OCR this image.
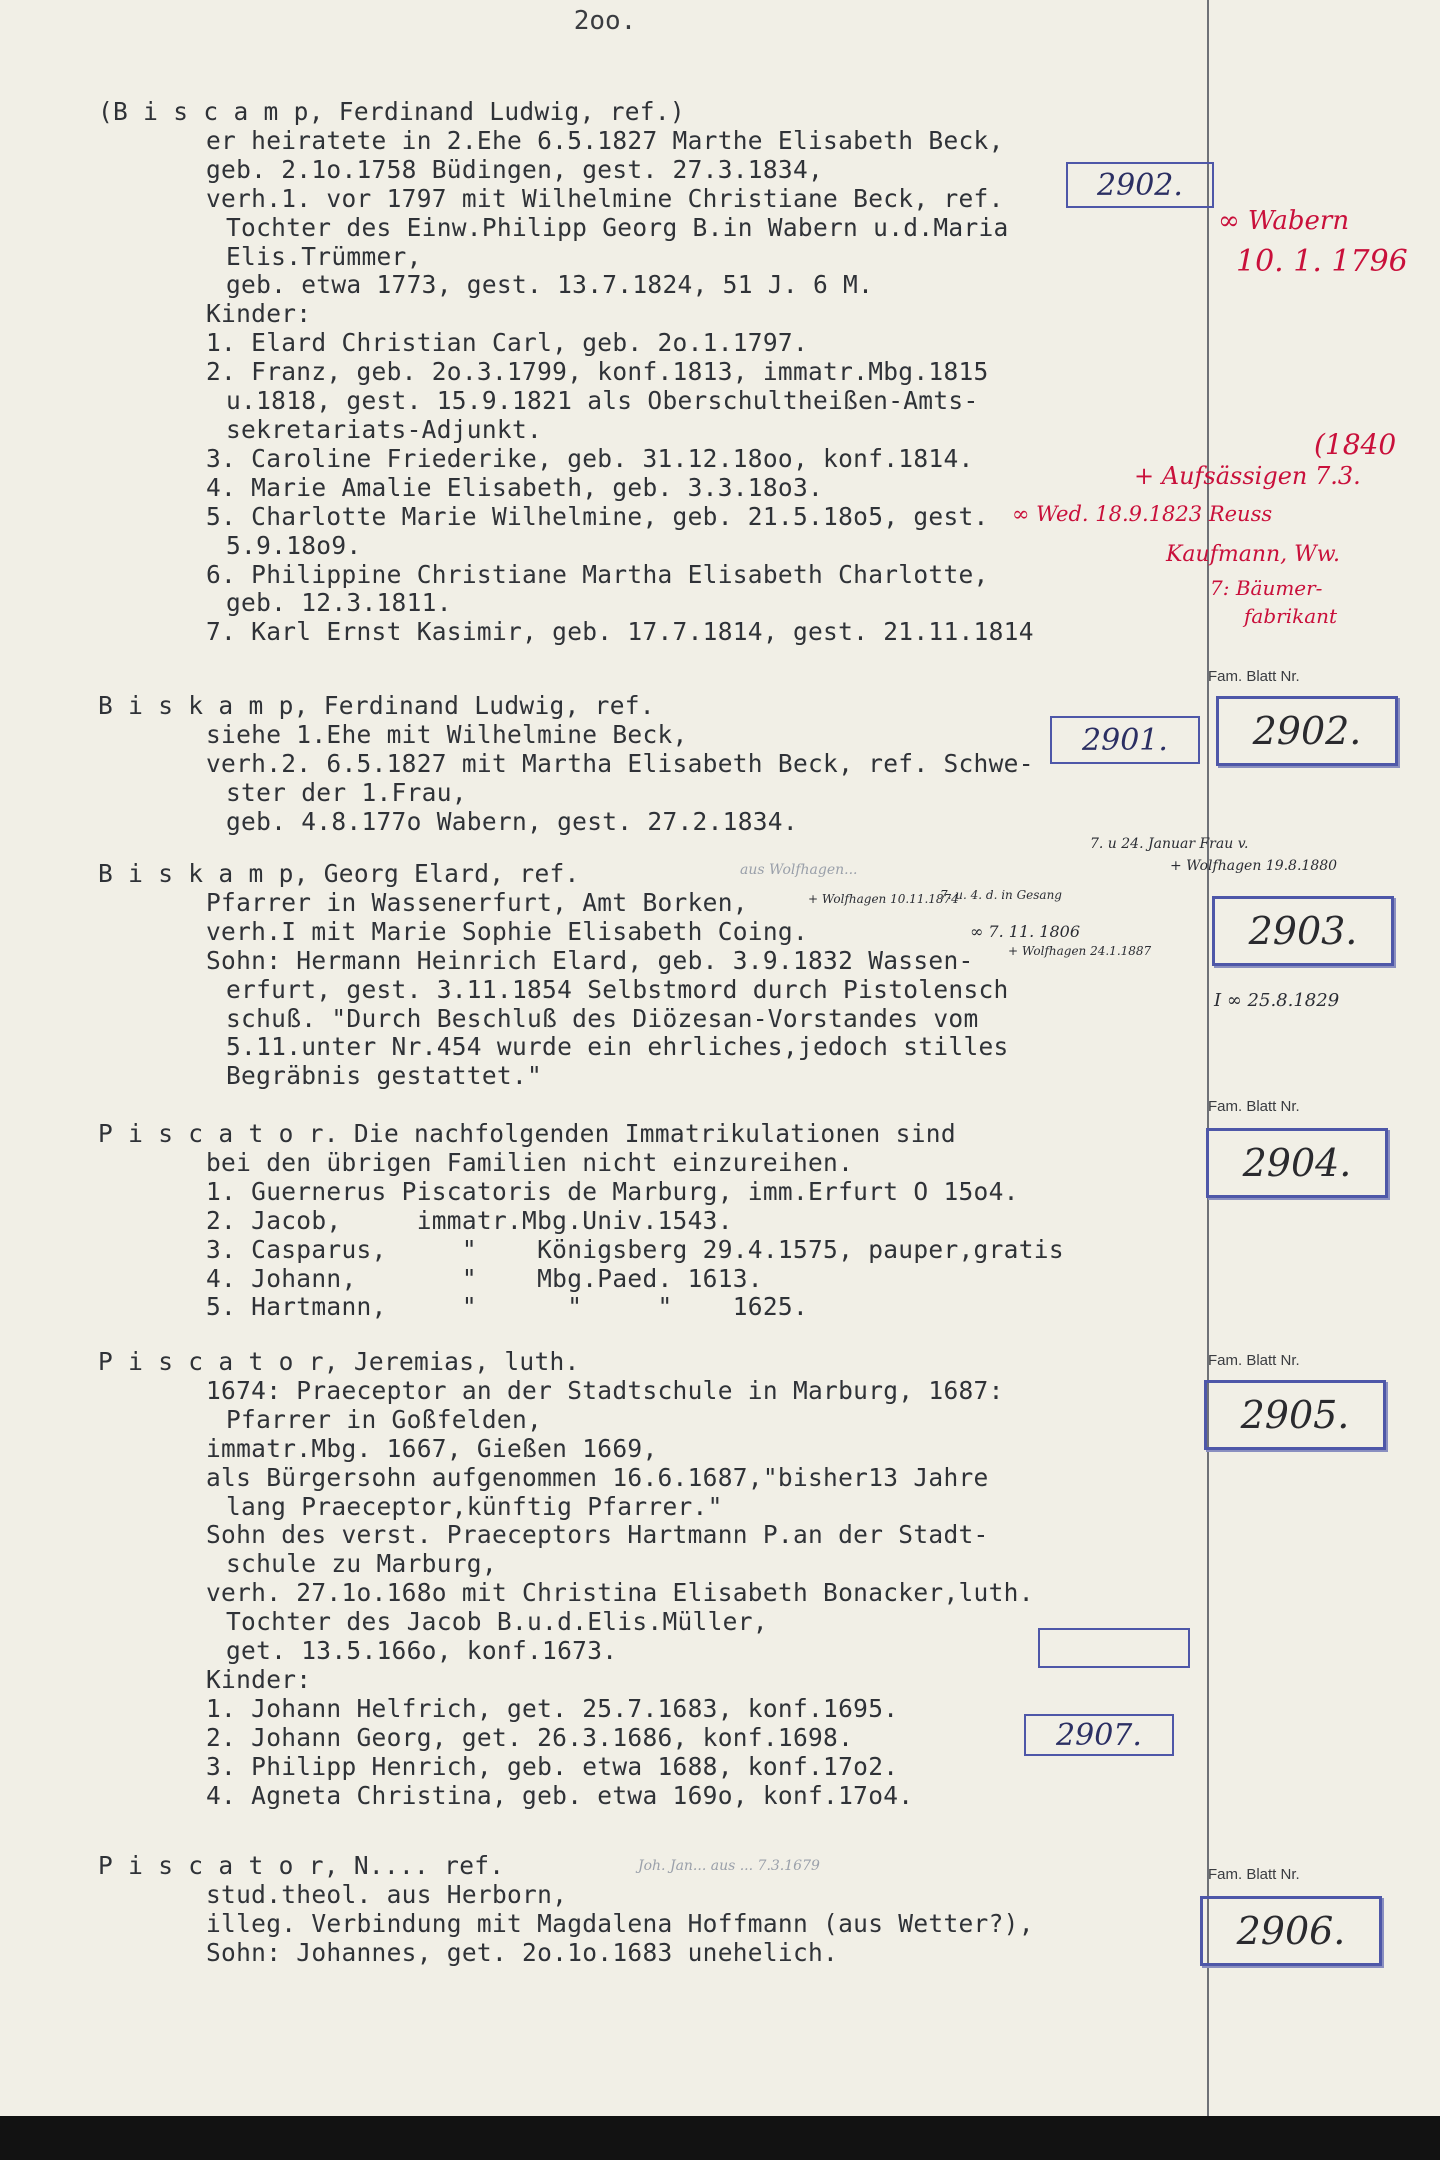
2oo.
(B i s c a m p, Ferdinand Ludwig, ref.)
er heiratete in 2.Ehe 6.5.1827 Marthe Elisabeth Beck,
geb. 2.1o.1758 Büdingen, gest. 27.3.1834,
verh.1. vor 1797 mit Wilhelmine Christiane Beck, ref.
Tochter des Einw.Philipp Georg B.in Wabern u.d.Maria
Elis.Trümmer,
geb. etwa 1773, gest. 13.7.1824, 51 J. 6 M.
Kinder:
1. Elard Christian Carl, geb. 2o.1.1797.
2. Franz, geb. 2o.3.1799, konf.1813, immatr.Mbg.1815
u.1818, gest. 15.9.1821 als Oberschultheißen-Amts-
sekretariats-Adjunkt.
3. Caroline Friederike, geb. 31.12.18oo, konf.1814.
4. Marie Amalie Elisabeth, geb. 3.3.18o3.
5. Charlotte Marie Wilhelmine, geb. 21.5.18o5, gest.
5.9.18o9.
6. Philippine Christiane Martha Elisabeth Charlotte,
geb. 12.3.1811.
7. Karl Ernst Kasimir, geb. 17.7.1814, gest. 21.11.1814
2902.
B i s k a m p, Ferdinand Ludwig, ref.
siehe 1.Ehe mit Wilhelmine Beck,
verh.2. 6.5.1827 mit Martha Elisabeth Beck, ref. Schwe-
ster der 1.Frau,
geb. 4.8.177o Wabern, gest. 27.2.1834.
2901.
B i s k a m p, Georg Elard, ref.
Pfarrer in Wassenerfurt, Amt Borken,
verh.I mit Marie Sophie Elisabeth Coing.
Sohn: Hermann Heinrich Elard, geb. 3.9.1832 Wassen-
erfurt, gest. 3.11.1854 Selbstmord durch Pistolensch
schuß. "Durch Beschluß des Diözesan-Vorstandes vom
5.11.unter Nr.454 wurde ein ehrliches,jedoch stilles
Begräbnis gestattet."
P i s c a t o r. Die nachfolgenden Immatrikulationen sind
bei den übrigen Familien nicht einzureihen.
1. Guernerus Piscatoris de Marburg, imm.Erfurt O 15o4.
2. Jacob,     immatr.Mbg.Univ.1543.
3. Casparus,     "    Königsberg 29.4.1575, pauper,gratis
4. Johann,       "    Mbg.Paed. 1613.
5. Hartmann,     "      "     "    1625.
P i s c a t o r, Jeremias, luth.
1674: Praeceptor an der Stadtschule in Marburg, 1687:
Pfarrer in Goßfelden,
immatr.Mbg. 1667, Gießen 1669,
als Bürgersohn aufgenommen 16.6.1687,"bisher13 Jahre
lang Praeceptor,künftig Pfarrer."
Sohn des verst. Praeceptors Hartmann P.an der Stadt-
schule zu Marburg,
verh. 27.1o.168o mit Christina Elisabeth Bonacker,luth.
Tochter des Jacob B.u.d.Elis.Müller,
get. 13.5.166o, konf.1673.
Kinder:
1. Johann Helfrich, get. 25.7.1683, konf.1695.
2. Johann Georg, get. 26.3.1686, konf.1698.
3. Philipp Henrich, geb. etwa 1688, konf.17o2.
4. Agneta Christina, geb. etwa 169o, konf.17o4.
2907.
P i s c a t o r, N.... ref.
stud.theol. aus Herborn,
illeg. Verbindung mit Magdalena Hoffmann (aus Wetter?),
Sohn: Johannes, get. 2o.1o.1683 unehelich.
Fam. Blatt Nr.
2902.
2903.
Fam. Blatt Nr.
2904.
Fam. Blatt Nr.
2905.
Fam. Blatt Nr.
2906.
∞ Wabern
10. 1. 1796
(1840
+ Aufsässigen 7.3.
∞ Wed. 18.9.1823 Reuss
Kaufmann, Ww.
7: Bäumer-
fabrikant
7. u 24. Januar Frau v.
+ Wolfhagen 19.8.1880
+ Wolfhagen 10.11.1874
∞ 7. 11. 1806
7. u. 4. d. in Gesang
+ Wolfhagen 24.1.1887
I ∞ 25.8.1829
aus Wolfhagen...
Joh. Jan... aus ... 7.3.1679
